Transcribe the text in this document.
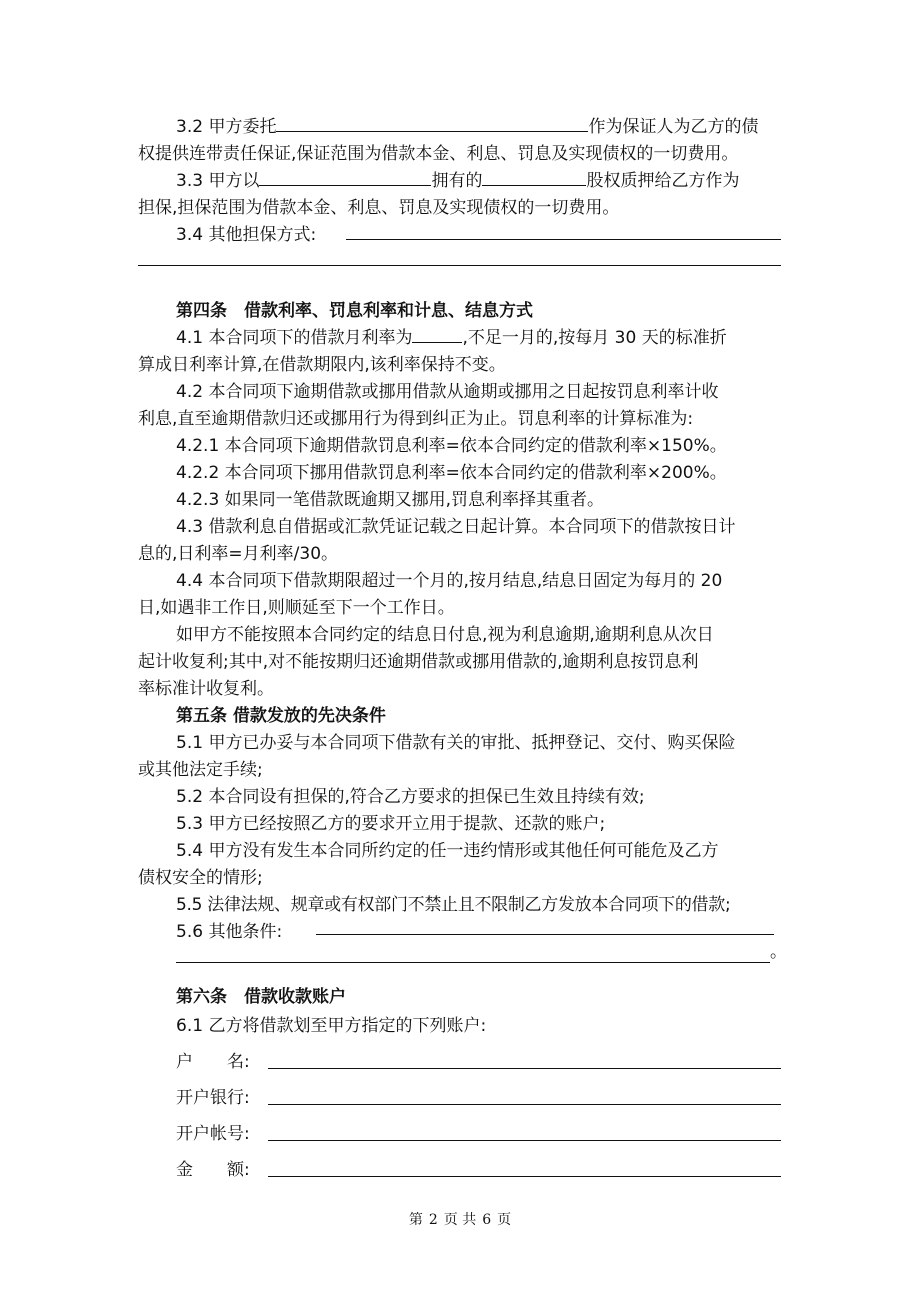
3.2 甲方委托	作为保证人为乙方的债
权提供连带责任保证,保证范围为借款本金、利息、罚息及实现债权的一切费用。
3.3 甲方以	拥有的	股权质押给乙方作为
担保,担保范围为借款本金、利息、罚息及实现债权的一切费用。
3.4 其他担保方式:
第四条　借款利率、罚息利率和计息、结息方式
4.1 本合同项下的借款月利率为	,不足一月的,按每月 30 天的标准折
算成日利率计算,在借款期限内,该利率保持不变。
4.2 本合同项下逾期借款或挪用借款从逾期或挪用之日起按罚息利率计收
利息,直至逾期借款归还或挪用行为得到纠正为止。罚息利率的计算标准为:
4.2.1 本合同项下逾期借款罚息利率=依本合同约定的借款利率×150%。
4.2.2 本合同项下挪用借款罚息利率=依本合同约定的借款利率×200%。
4.2.3 如果同一笔借款既逾期又挪用,罚息利率择其重者。
4.3 借款利息自借据或汇款凭证记载之日起计算。本合同项下的借款按日计
息的,日利率=月利率/30。
4.4 本合同项下借款期限超过一个月的,按月结息,结息日固定为每月的 20
日,如遇非工作日,则顺延至下一个工作日。
如甲方不能按照本合同约定的结息日付息,视为利息逾期,逾期利息从次日
起计收复利;其中,对不能按期归还逾期借款或挪用借款的,逾期利息按罚息利
率标准计收复利。
第五条 借款发放的先决条件
5.1 甲方已办妥与本合同项下借款有关的审批、抵押登记、交付、购买保险
或其他法定手续;
5.2 本合同设有担保的,符合乙方要求的担保已生效且持续有效;
5.3 甲方已经按照乙方的要求开立用于提款、还款的账户;
5.4 甲方没有发生本合同所约定的任一违约情形或其他任何可能危及乙方
债权安全的情形;
5.5 法律法规、规章或有权部门不禁止且不限制乙方发放本合同项下的借款;
5.6 其他条件:
。
第六条　借款收款账户
6.1 乙方将借款划至甲方指定的下列账户:
户　　名:
开户银行:
开户帐号:
金　　额:
第 2 页 共 6 页
